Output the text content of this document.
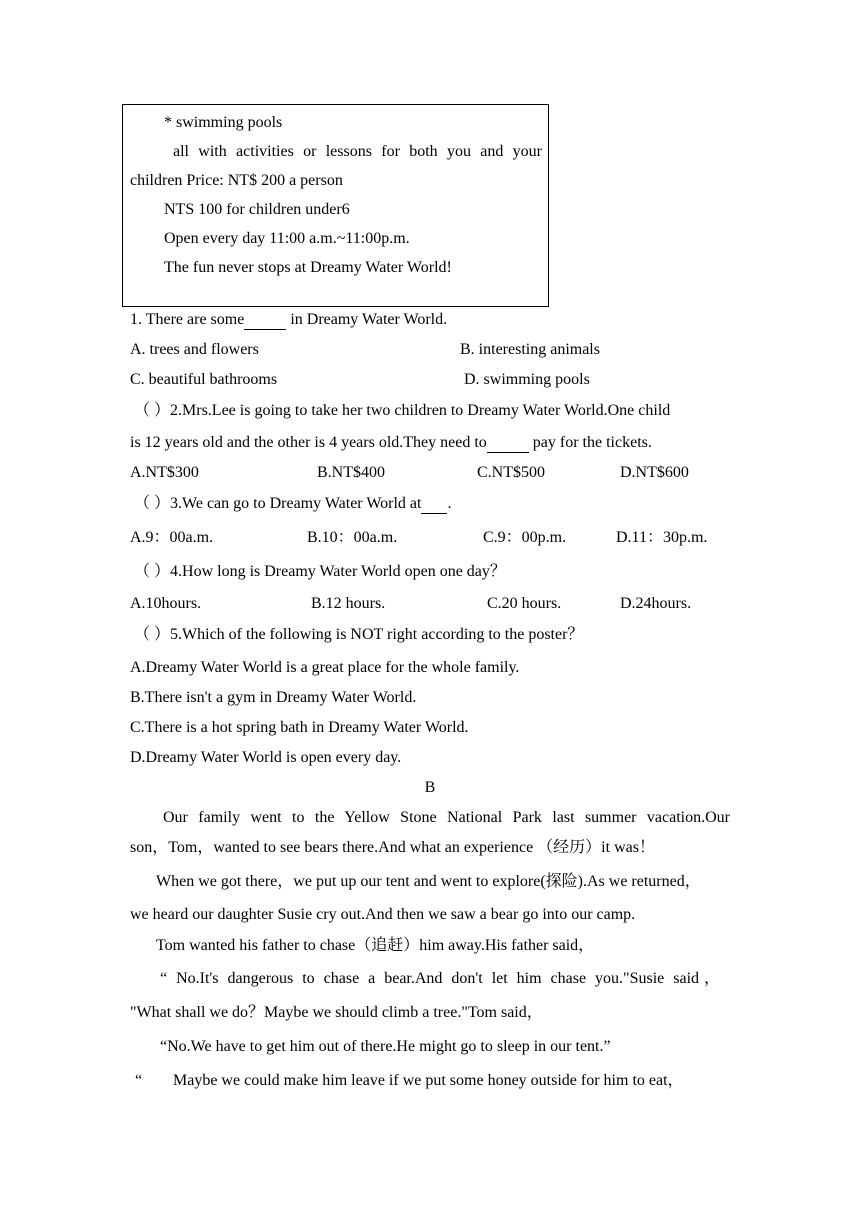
* swimming pools
all with activities or lessons for both you and your
children Price: NT$ 200 a person
NTS 100 for children under6
Open every day 11:00 a.m.~11:00p.m.
The fun never stops at Dreamy Water World!
1. There are some	in Dreamy Water World.
A. trees and flowers	B. interesting animals
C. beautiful bathrooms	D. swimming pools
（ ）2.Mrs.Lee is going to take her two children to Dreamy Water World.One child
is 12 years old and the other is 4 years old.They need to	pay for the tickets.
A.NT$300	B.NT$400	C.NT$500	D.NT$600
（ ）3.We can go to Dreamy Water World at .
A.9：00a.m.	B.10：00a.m.	C.9：00p.m.	D.11：30p.m.
（ ）4.How long is Dreamy Water World open one day？
A.10hours.	B.12 hours.	C.20 hours.	D.24hours.
（ ）5.Which of the following is NOT right according to the poster？
A.Dreamy Water World is a great place for the whole family.
B.There isn't a gym in Dreamy Water World.
C.There is a hot spring bath in Dreamy Water World.
D.Dreamy Water World is open every day.
B
Our family went to the Yellow Stone National Park last summer vacation.Our
son，Tom，wanted to see bears there.And what an experience （经历）it was！
When we got there，we put up our tent and went to explore(探险).As we returned，
we heard our daughter Susie cry out.And then we saw a bear go into our camp.
Tom wanted his father to chase（追赶）him away.His father said，
“ No.It's dangerous to chase a bear.And don't let him chase you."Susie said，
"What shall we do？Maybe we should climb a tree."Tom said，
“No.We have to get him out of there.He might go to sleep in our tent.”
“ Maybe we could make him leave if we put some honey outside for him to eat，
